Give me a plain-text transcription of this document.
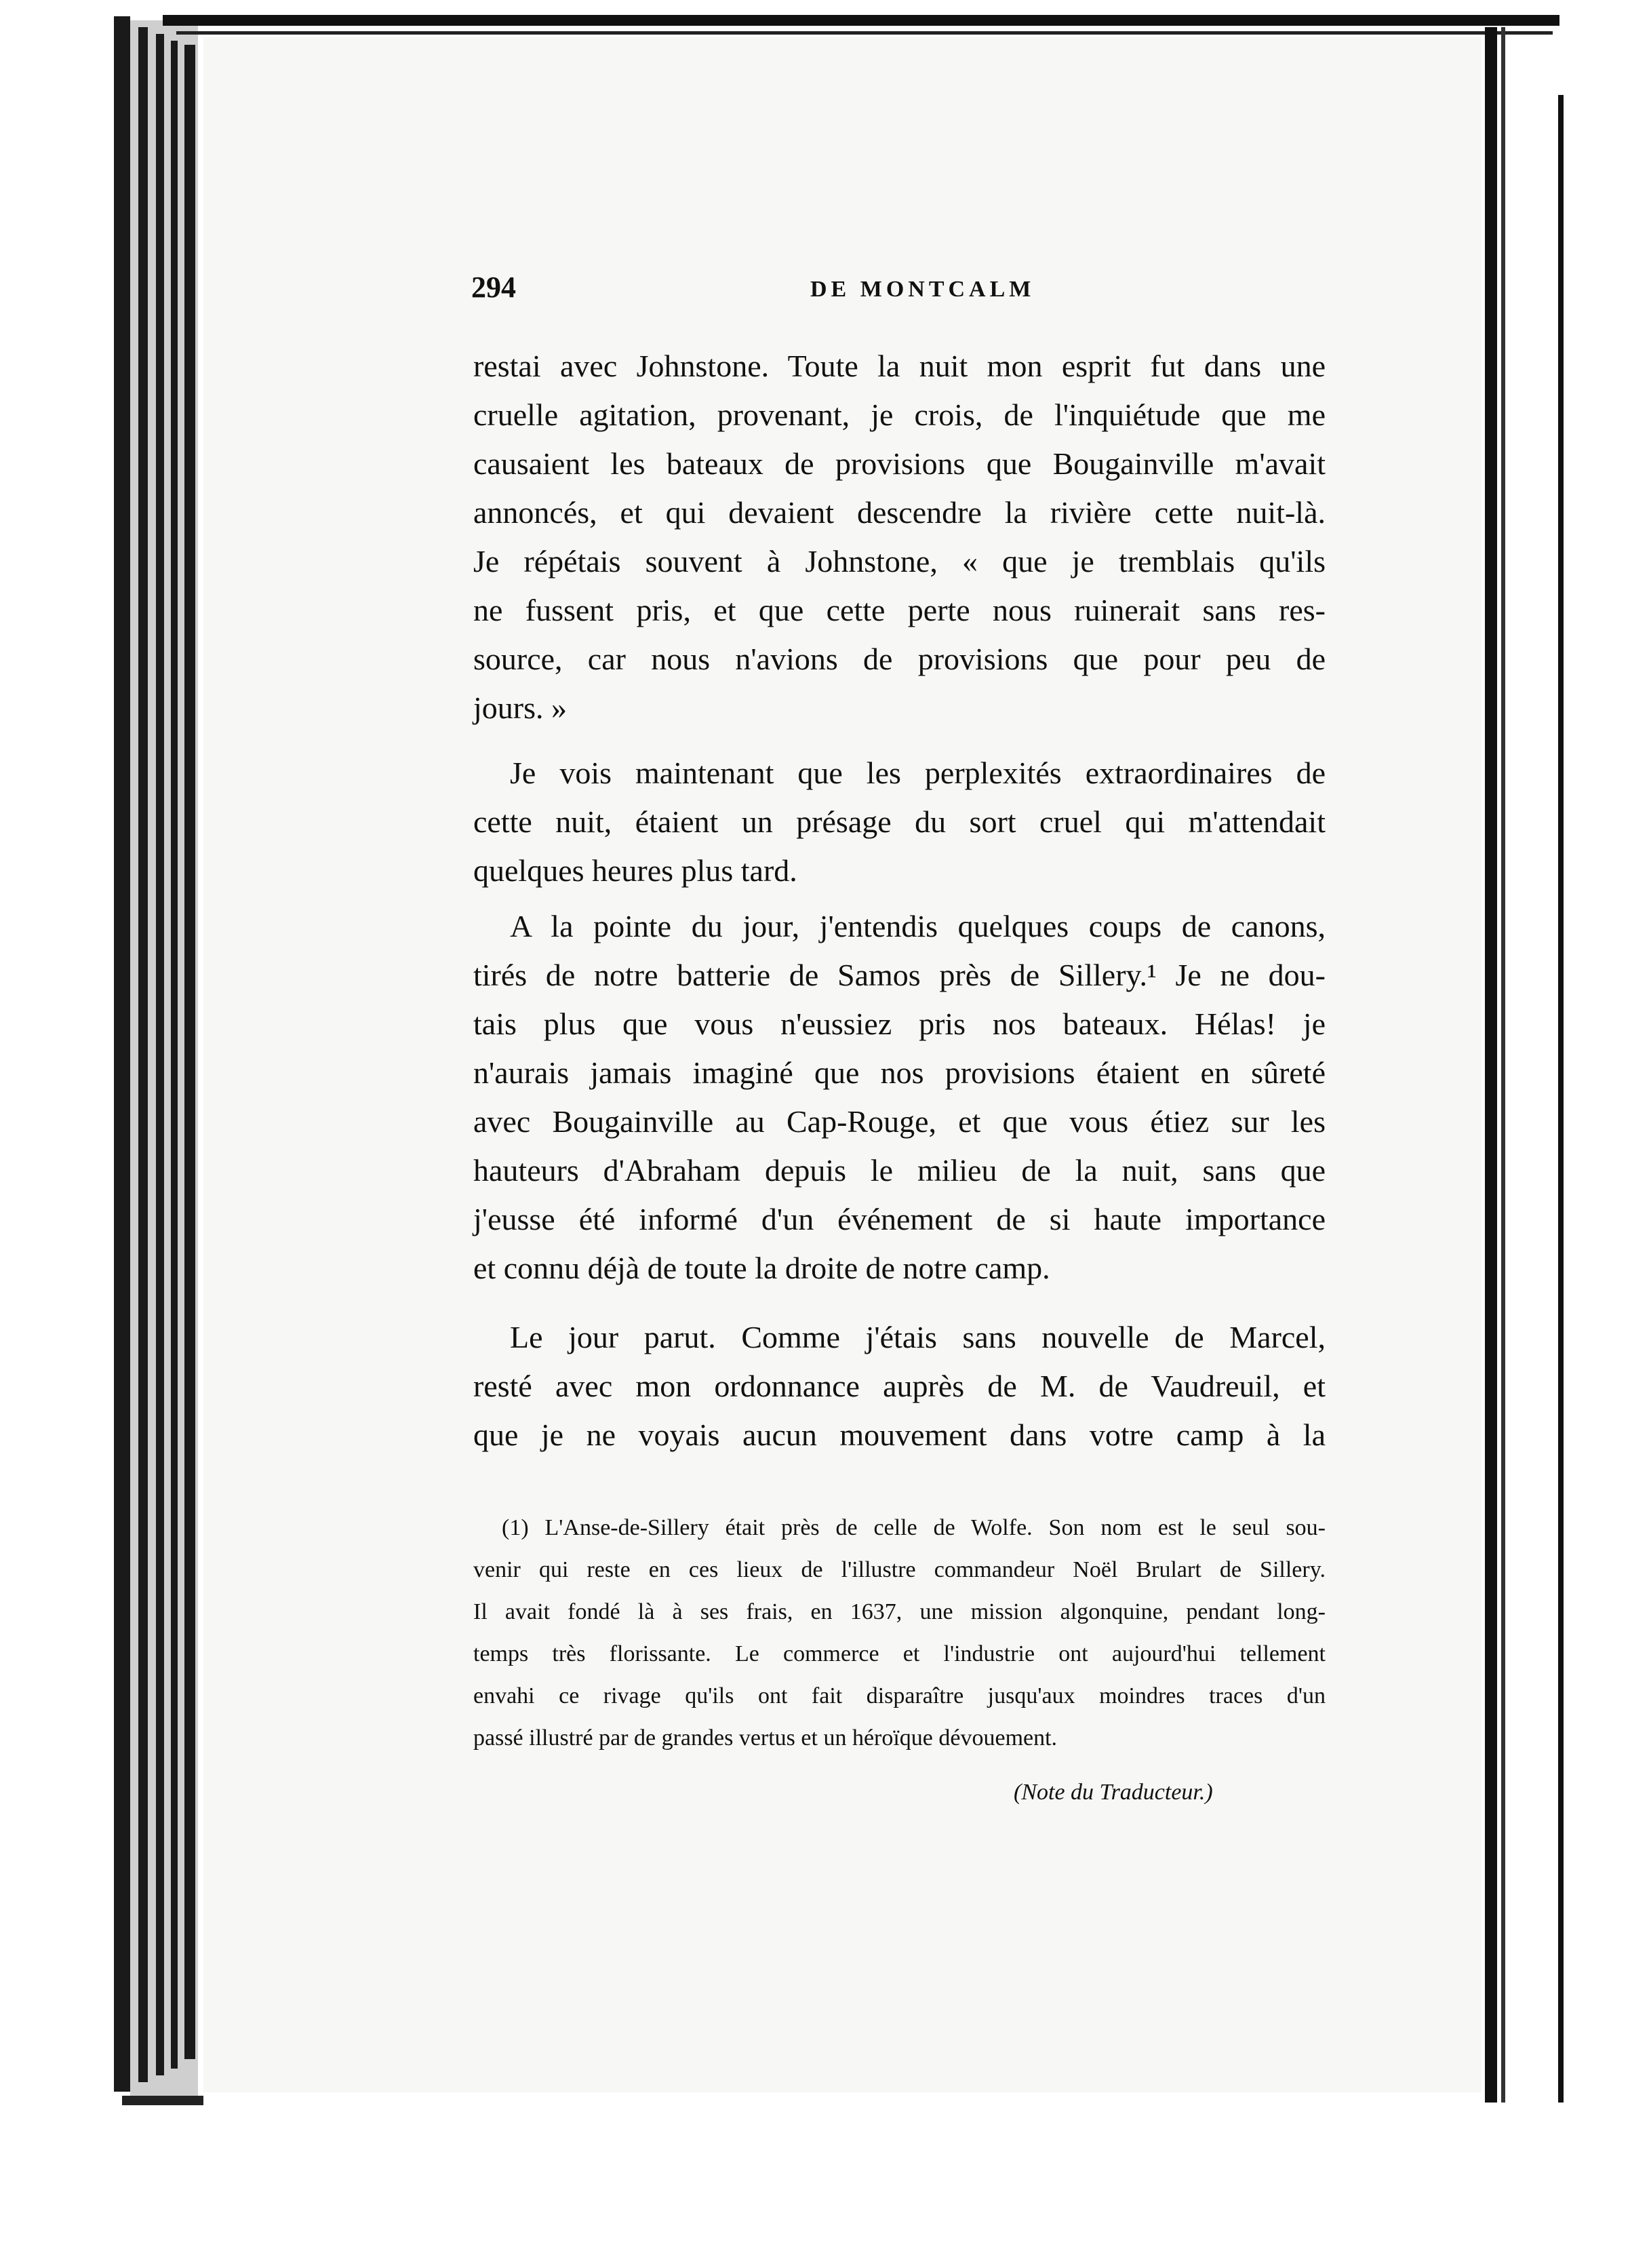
294	DE MONTCALM
restai avec Johnstone. Toute la nuit mon esprit fut dans une
cruelle agitation, provenant, je crois, de l'inquiétude que me
causaient les bateaux de provisions que Bougainville m'avait
annoncés, et qui devaient descendre la rivière cette nuit-là.
Je répétais souvent à Johnstone, « que je tremblais qu'ils
ne fussent pris, et que cette perte nous ruinerait sans res-
source, car nous n'avions de provisions que pour peu de
jours. »
Je vois maintenant que les perplexités extraordinaires de
cette nuit, étaient un présage du sort cruel qui m'attendait
quelques heures plus tard.
A la pointe du jour, j'entendis quelques coups de canons,
tirés de notre batterie de Samos près de Sillery.¹ Je ne dou-
tais plus que vous n'eussiez pris nos bateaux. Hélas! je
n'aurais jamais imaginé que nos provisions étaient en sûreté
avec Bougainville au Cap-Rouge, et que vous étiez sur les
hauteurs d'Abraham depuis le milieu de la nuit, sans que
j'eusse été informé d'un événement de si haute importance
et connu déjà de toute la droite de notre camp.
Le jour parut. Comme j'étais sans nouvelle de Marcel,
resté avec mon ordonnance auprès de M. de Vaudreuil, et
que je ne voyais aucun mouvement dans votre camp à la
(1) L'Anse-de-Sillery était près de celle de Wolfe. Son nom est le seul sou-
venir qui reste en ces lieux de l'illustre commandeur Noël Brulart de Sillery.
Il avait fondé là à ses frais, en 1637, une mission algonquine, pendant long-
temps très florissante. Le commerce et l'industrie ont aujourd'hui tellement
envahi ce rivage qu'ils ont fait disparaître jusqu'aux moindres traces d'un
passé illustré par de grandes vertus et un héroïque dévouement.
(Note du Traducteur.)
